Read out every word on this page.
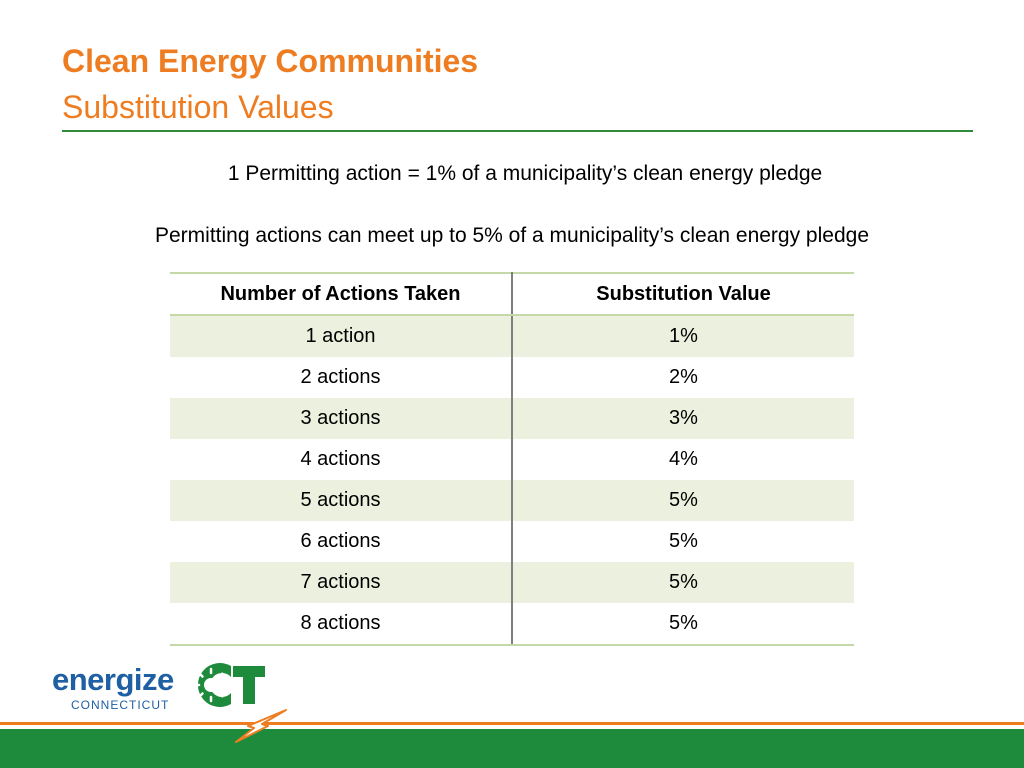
Clean Energy Communities
Substitution Values
1 Permitting action = 1% of a municipality’s clean energy pledge
Permitting actions can meet up to 5% of a municipality’s clean energy pledge
Number of Actions Taken	Substitution Value
1 action	1%
2 actions	2%
3 actions	3%
4 actions	4%
5 actions	5%
6 actions	5%
7 actions	5%
8 actions	5%
energize
CONNECTICUT
